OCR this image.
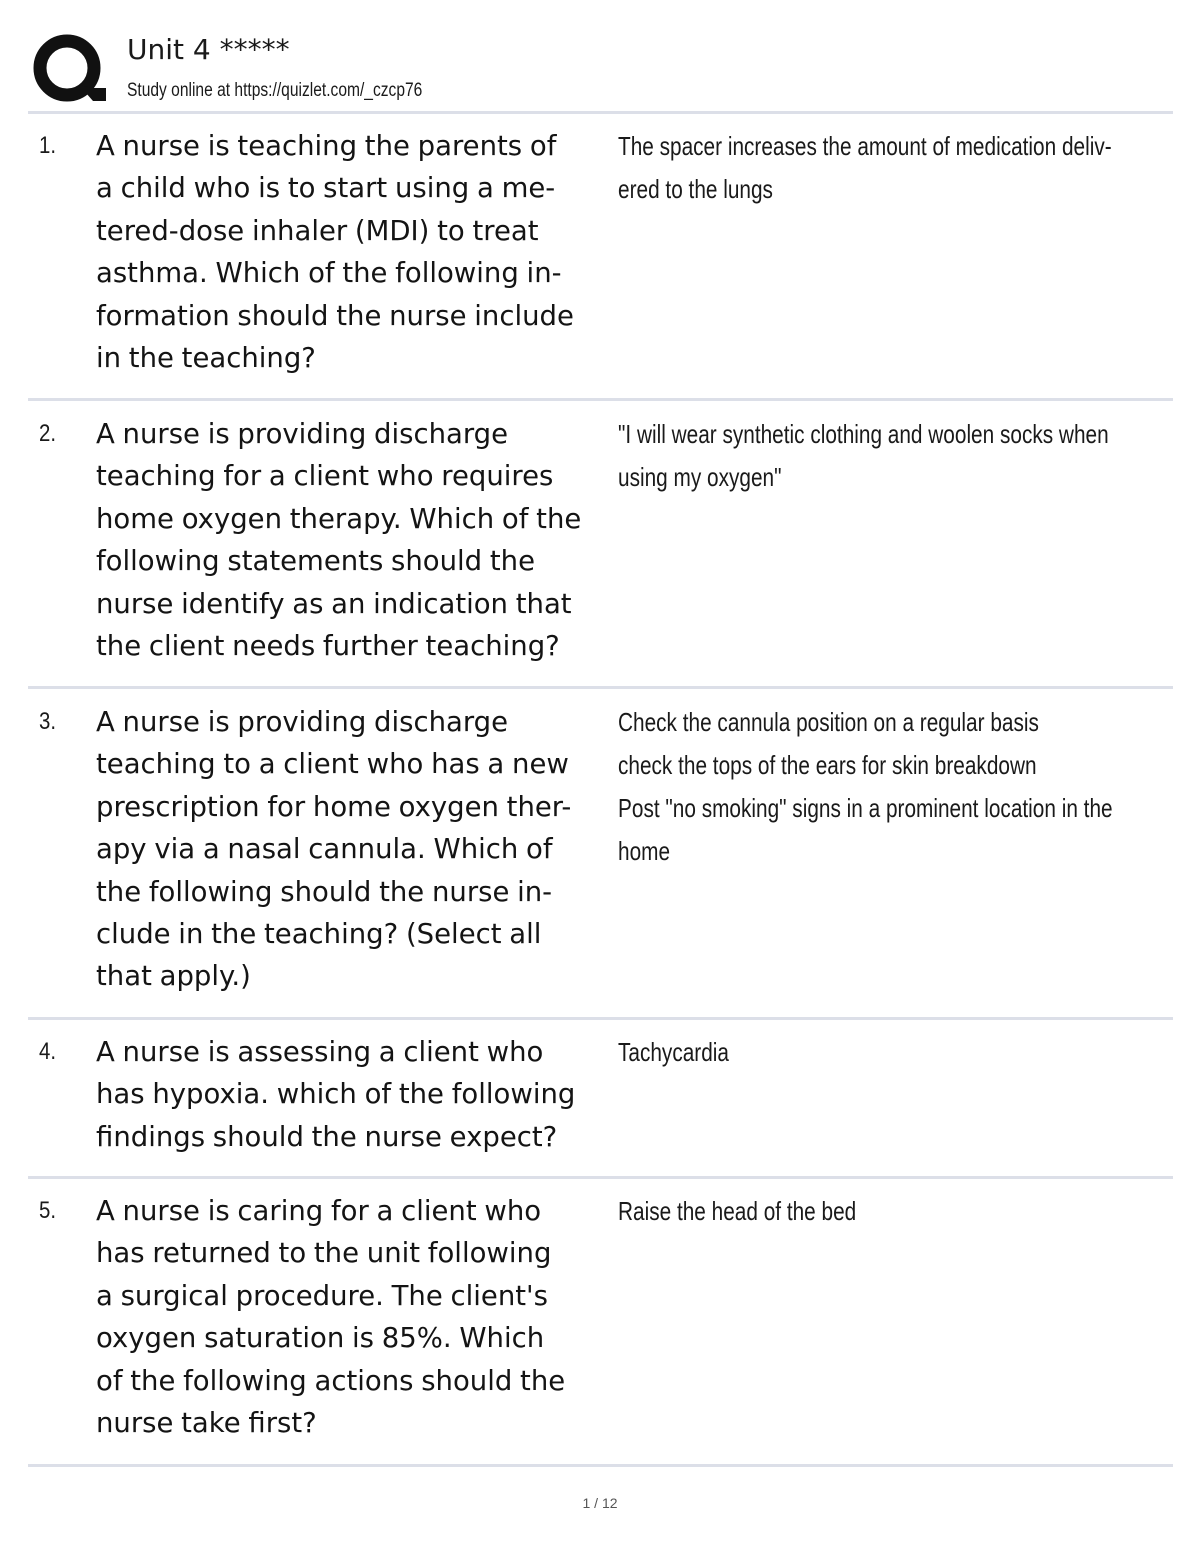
Unit 4 *****
Study online at https://quizlet.com/_czcp76
1. A nurse is teaching the parents of
a child who is to start using a me-
tered-dose inhaler (MDI) to treat
asthma. Which of the following in-
formation should the nurse include
in the teaching?
The spacer increases the amount of medication deliv-
ered to the lungs
2. A nurse is providing discharge
teaching for a client who requires
home oxygen therapy. Which of the
following statements should the
nurse identify as an indication that
the client needs further teaching?
"I will wear synthetic clothing and woolen socks when
using my oxygen"
3. A nurse is providing discharge
teaching to a client who has a new
prescription for home oxygen ther-
apy via a nasal cannula. Which of
the following should the nurse in-
clude in the teaching? (Select all
that apply.)
Check the cannula position on a regular basis
check the tops of the ears for skin breakdown
Post "no smoking" signs in a prominent location in the
home
4. A nurse is assessing a client who
has hypoxia. which of the following
findings should the nurse expect?
Tachycardia
5. A nurse is caring for a client who
has returned to the unit following
a surgical procedure. The client's
oxygen saturation is 85%. Which
of the following actions should the
nurse take first?
Raise the head of the bed
1 / 12
